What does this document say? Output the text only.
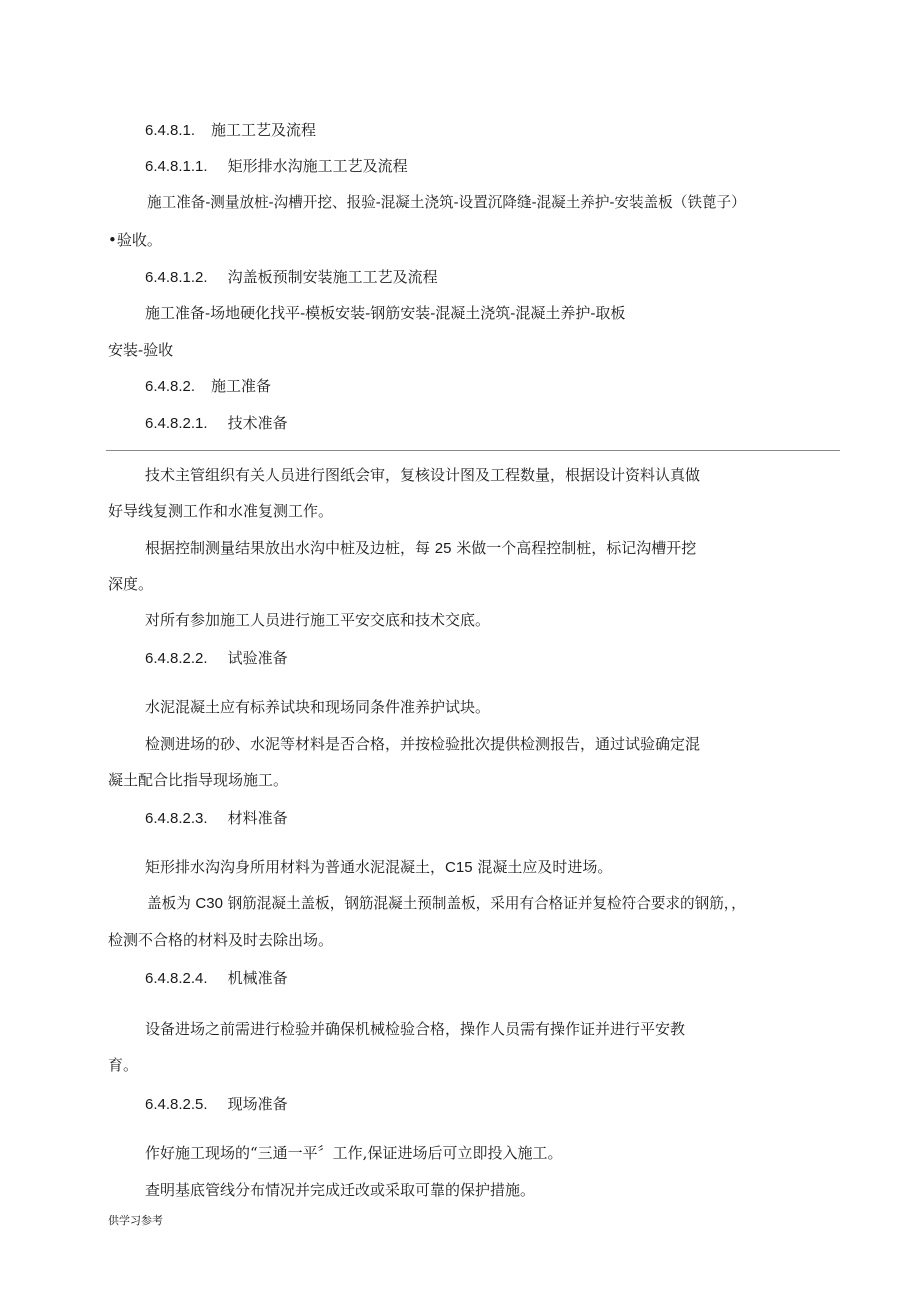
6.4.8.1. 施工工艺及流程
6.4.8.1.1. 矩形排水沟施工工艺及流程
施工准备-测量放桩-沟槽开挖、报验-混凝土浇筑-设置沉降缝-混凝土养护-安装盖板（铁蓖子）
•验收。
6.4.8.1.2. 沟盖板预制安装施工工艺及流程
施工准备-场地硬化找平-模板安装-钢筋安装-混凝土浇筑-混凝土养护-取板
安装-验收
6.4.8.2. 施工准备
6.4.8.2.1. 技术准备
技术主管组织有关人员进行图纸会审，复核设计图及工程数量，根据设计资料认真做
好导线复测工作和水准复测工作。
根据控制测量结果放出水沟中桩及边桩，每 25 米做一个高程控制桩，标记沟槽开挖
深度。
对所有参加施工人员进行施工平安交底和技术交底。
6.4.8.2.2. 试验准备
水泥混凝土应有标养试块和现场同条件准养护试块。
检测进场的砂、水泥等材料是否合格，并按检验批次提供检测报告，通过试验确定混
凝土配合比指导现场施工。
6.4.8.2.3. 材料准备
矩形排水沟沟身所用材料为普通水泥混凝土，C15 混凝土应及时进场。
盖板为 C30 钢筋混凝土盖板，钢筋混凝土预制盖板，采用有合格证并复检符合要求的钢筋，，
检测不合格的材料及时去除出场。
6.4.8.2.4. 机械准备
设备进场之前需进行检验并确保机械检验合格，操作人员需有操作证并进行平安教
育。
6.4.8.2.5. 现场准备
作好施工现场的“三通一平〞工作,保证进场后可立即投入施工。
查明基底管线分布情况并完成迁改或采取可靠的保护措施。
供学习参考
